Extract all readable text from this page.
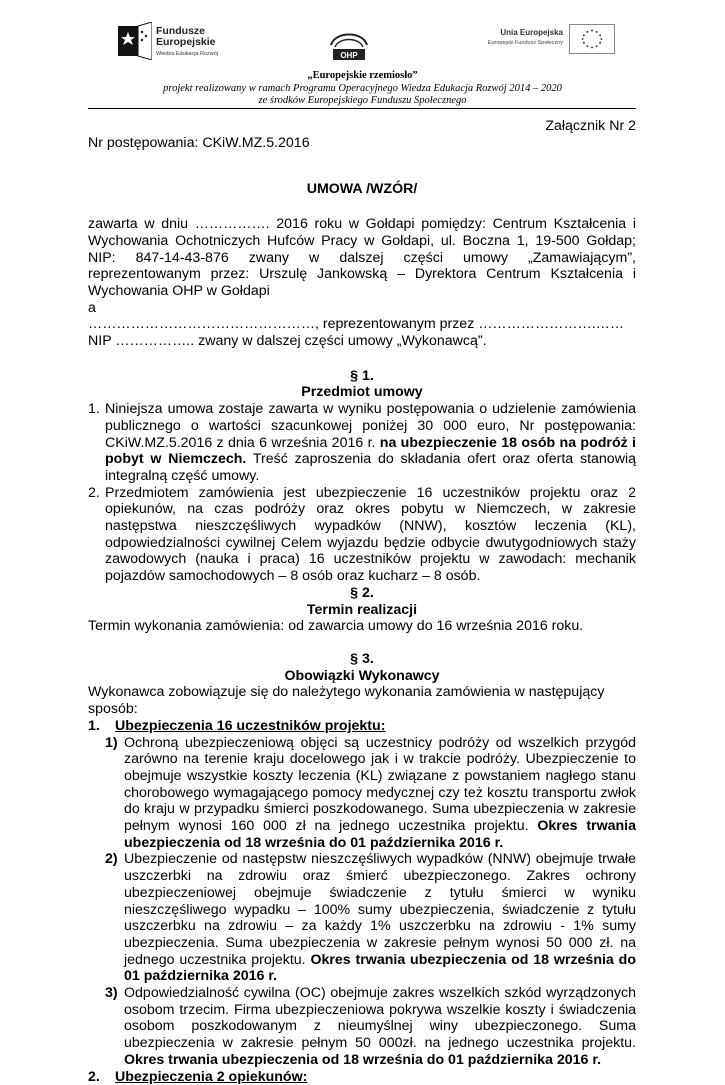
Fundusze
Europejskie
Wiedza Edukacja Rozwój	OHP
Unia Europejska
Europejski Fundusz Społeczny
„Europejskie rzemiosło”
projekt realizowany w ramach Programu Operacyjnego Wiedza Edukacja Rozwój 2014 – 2020
ze środków Europejskiego Funduszu Społecznego

Załącznik Nr 2

Nr postępowania: CKiW.MZ.5.2016

UMOWA /WZÓR/

zawarta w dniu ……………. 2016 roku w Gołdapi pomiędzy: Centrum Kształcenia i Wychowania Ochotniczych Hufców Pracy w Gołdapi, ul. Boczna 1, 19-500 Gołdap; NIP: 847-14-43-876 zwany w dalszej części umowy „Zamawiającym”, reprezentowanym przez: Urszulę Jankowską – Dyrektora Centrum Kształcenia i Wychowania OHP w Gołdapi

a

…………………………………………, reprezentowanym przez …………………….……

NIP …………….. zwany w dalszej części umowy „Wykonawcą”.

§ 1.

Przedmiot umowy

1. Niniejsza umowa zostaje zawarta w wyniku postępowania o udzielenie zamówienia publicznego o wartości szacunkowej poniżej 30 000 euro, Nr postępowania: CKiW.MZ.5.2016 z dnia 6 września 2016 r. na ubezpieczenie 18 osób na podróż i pobyt w Niemczech. Treść zaproszenia do składania ofert oraz oferta stanowią integralną część umowy.
2. Przedmiotem zamówienia jest ubezpieczenie 16 uczestników projektu oraz 2 opiekunów, na czas podróży oraz okres pobytu w Niemczech, w zakresie następstwa nieszczęśliwych wypadków (NNW), kosztów leczenia (KL), odpowiedzialności cywilnej Celem wyjazdu będzie odbycie dwutygodniowych staży zawodowych (nauka i praca) 16 uczestników projektu w zawodach: mechanik pojazdów samochodowych – 8 osób oraz kucharz – 8 osób.

§ 2.

Termin realizacji

Termin wykonania zamówienia: od zawarcia umowy do 16 września 2016 roku.

§ 3.

Obowiązki Wykonawcy

Wykonawca zobowiązuje się do należytego wykonania zamówienia w następujący sposób:

1.	Ubezpieczenia 16 uczestników projektu:
1) Ochroną ubezpieczeniową objęci są uczestnicy podróży od wszelkich przygód zarówno na terenie kraju docelowego jak i w trakcie podróży. Ubezpieczenie to obejmuje wszystkie koszty leczenia (KL) związane z powstaniem nagłego stanu chorobowego wymagającego pomocy medycznej czy też kosztu transportu zwłok do kraju w przypadku śmierci poszkodowanego. Suma ubezpieczenia w zakresie pełnym wynosi 160 000 zł na jednego uczestnika projektu. Okres trwania ubezpieczenia od 18 września do 01 października 2016 r.
2) Ubezpieczenie od następstw nieszczęśliwych wypadków (NNW) obejmuje trwałe uszczerbki na zdrowiu oraz śmierć ubezpieczonego. Zakres ochrony ubezpieczeniowej obejmuje świadczenie z tytułu śmierci w wyniku nieszczęśliwego wypadku – 100% sumy ubezpieczenia, świadczenie z tytułu uszczerbku na zdrowiu – za każdy 1% uszczerbku na zdrowiu - 1% sumy ubezpieczenia. Suma ubezpieczenia w zakresie pełnym wynosi 50 000 zł. na jednego uczestnika projektu. Okres trwania ubezpieczenia od 18 września do 01 października 2016 r.
3) Odpowiedzialność cywilna (OC) obejmuje zakres wszelkich szkód wyrządzonych osobom trzecim. Firma ubezpieczeniowa pokrywa wszelkie koszty i świadczenia osobom poszkodowanym z nieumyślnej winy ubezpieczonego. Suma ubezpieczenia w zakresie pełnym 50 000zł. na jednego uczestnika projektu. Okres trwania ubezpieczenia od 18 września do 01 października 2016 r.
2.	Ubezpieczenia 2 opiekunów:
